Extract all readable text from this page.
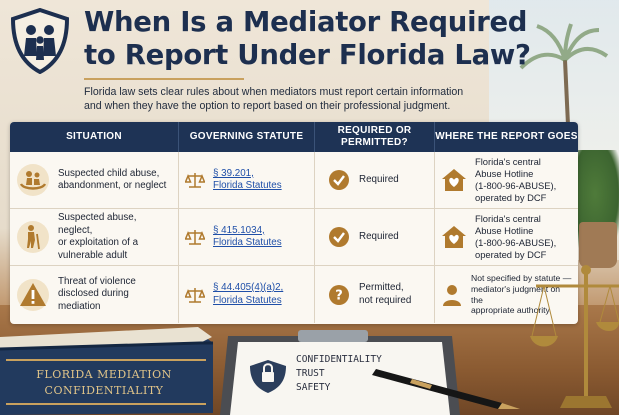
When Is a Mediator Required
to Report Under Florida Law?
Florida law sets clear rules about when mediators must report certain information
and when they have the option to report based on their professional judgment.
SITUATION	GOVERNING STATUTE
REQUIRED OR PERMITTED?
WHERE THE REPORT GOES
Suspected child abuse,
abandonment, or neglect
§ 39.201,
Florida Statutes
Required
Florida's central
Abuse Hotline
(1-800-96-ABUSE),
operated by DCF
Suspected abuse, neglect,
or exploitation of a
vulnerable adult
§ 415.1034,
Florida Statutes
Required
Florida's central
Abuse Hotline
(1-800-96-ABUSE),
operated by DCF
Threat of violence
disclosed during mediation
§ 44.405(4)(a)2,
Florida Statutes	?
Permitted,
not required
Not specified by statute —
mediator's judgment on the
appropriate authority
FLORIDA MEDIATION
CONFIDENTIALITY
CONFIDENTIALITY
TRUST
SAFETY
